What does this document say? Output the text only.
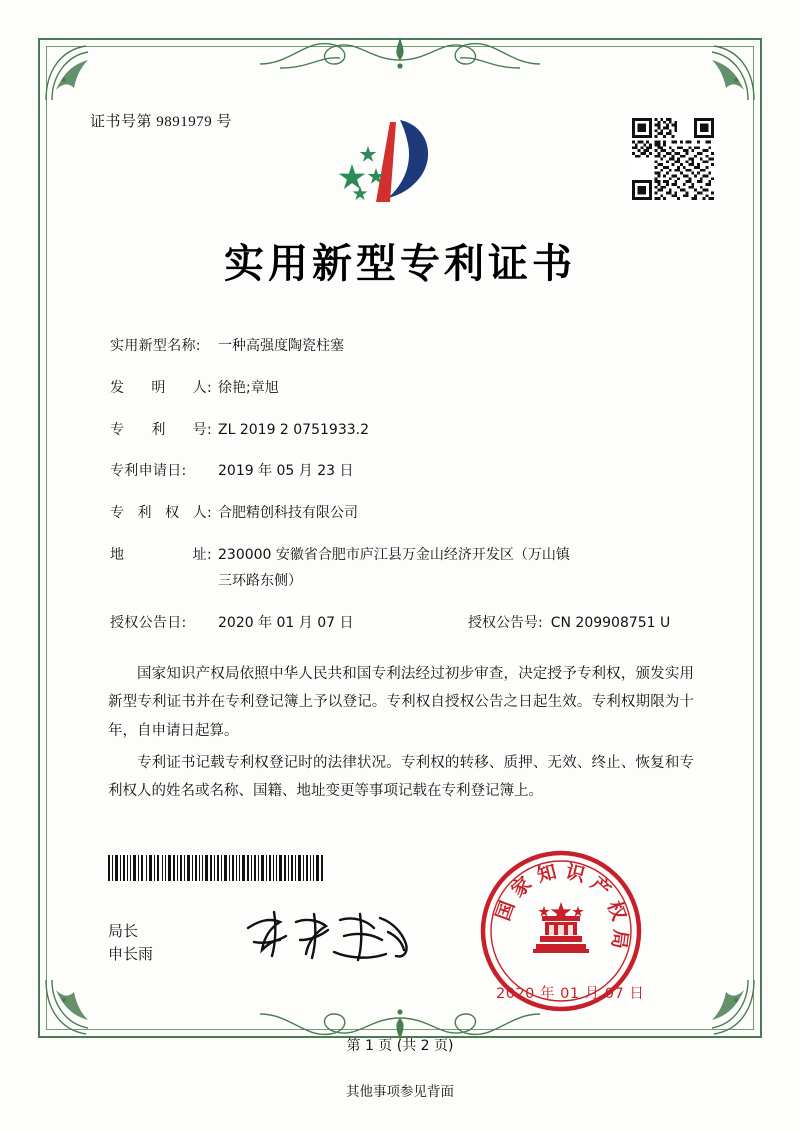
证书号第 9891979 号
实用新型专利证书
实用新型名称:	一种高强度陶瓷柱塞
发 明 人: 徐艳;章旭
专 利 号: ZL 2019 2 0751933.2
专利申请日:	2019 年 05 月 23 日
专 利 权 人: 合肥精创科技有限公司
地	址: 230000 安徽省合肥市庐江县万金山经济开发区（万山镇
三环路东侧）
授权公告日:	2020 年 01 月 07 日	授权公告号: CN 209908751 U

国家知识产权局依照中华人民共和国专利法经过初步审查，决定授予专利权，颁发实用新型专利证书并在专利登记簿上予以登记。专利权自授权公告之日起生效。专利权期限为十年，自申请日起算。

专利证书记载专利权登记时的法律状况。专利权的转移、质押、无效、终止、恢复和专利权人的姓名或名称、国籍、地址变更等事项记载在专利登记簿上。

局长
申长雨
国
家
知 识
产
权
局
2020 年 01 月 07 日
第 1 页 (共 2 页)
其他事项参见背面
